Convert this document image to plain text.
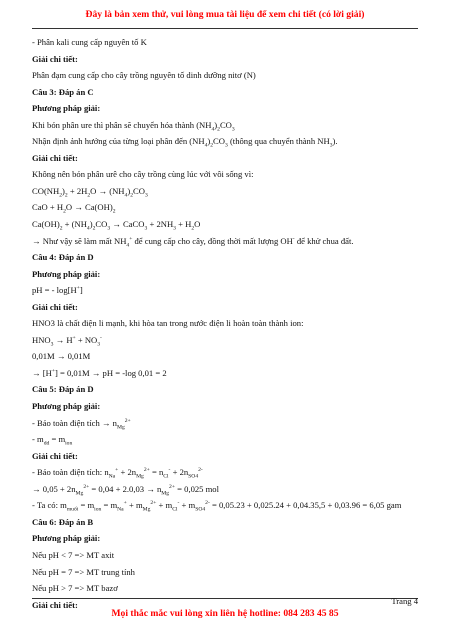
Đây là bản xem thử, vui lòng mua tài liệu để xem chi tiết (có lời giải)
- Phân kali cung cấp nguyên tố K
Giải chi tiết:
Phân đạm cung cấp cho cây trồng nguyên tố dinh dưỡng nitơ (N)
Câu 3: Đáp án C
Phương pháp giải:
Khi bón phân ure thì phân sẽ chuyển hóa thành $(NH_4)_2CO_3$
Nhận định ảnh hưởng của từng loại phân đến $(NH_4)_2CO_3$ (thông qua chuyển thành $NH_3$).
Giải chi tiết:
Không nên bón phân urê cho cây trồng cùng lúc với vôi sống vì:
$CO(NH_2)_2 + 2H_2O \to (NH_4)_2CO_3$
CaO + $H_2O \to Ca(OH)_2$
$Ca(OH)_2 + (NH_4)_2CO_3$ → CaCO$_3$ + $2NH_3 + H_2O$
→ Như vậy sẽ làm mất $NH_4^+$ để cung cấp cho cây, đồng thời mất lượng OH- để khử chua đất.
Câu 4: Đáp án D
Phương pháp giải:
pH = - log[H+]
Giải chi tiết:
HNO3 là chất điện li mạnh, khi hòa tan trong nước điện li hoàn toàn thành ion:
$HNO_3 \to H^+ + NO_3^-$
0,01M → 0,01M
→ [H+] = 0,01M → pH = -log 0,01 = 2
Câu 5: Đáp án D
Phương pháp giải:
- Bảo toàn điện tích → $n_{Mg}^{2+}$
- $m_{dd} = m_{ion}$
Giải chi tiết:
- Bảo toàn điện tích: $n_{Na}^+ + 2n_{Mg}^{2+} = n_{Cl}^- + 2n_{SO4}^{2-}$
→ $0,05 + 2n_{Mg}^{2+} = 0,04 + 2.0,03 \to n_{Mg}^{2+} = 0,025$ mol
- Ta có: $m_{muối} = m_{ion} = m_{Na}^+ + m_{Mg}^{2+} + m_{Cl}^- + m_{SO4}^{2-} = 0,05.23 + 0,025.24 + 0,04.35,5 + 0,03.96 = 6,05$ gam
Câu 6: Đáp án B
Phương pháp giải:
Nếu pH < 7 => MT axit
Nếu pH = 7 => MT trung tính
Nếu pH > 7 => MT bazơ
Giải chi tiết:	Trang 4
Mọi thắc mắc vui lòng xin liên hệ hotline: 084 283 45 85
